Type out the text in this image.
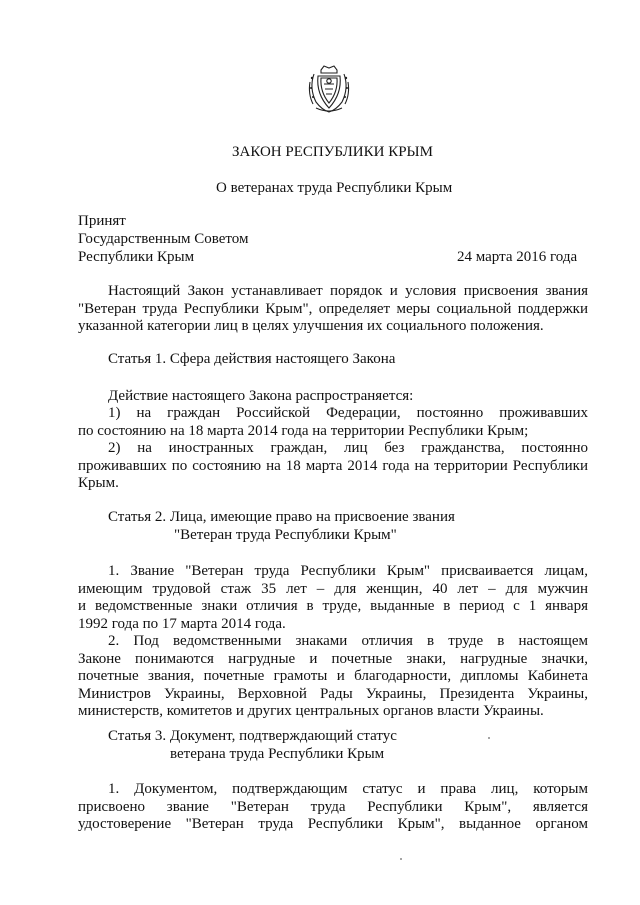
ЗАКОН РЕСПУБЛИКИ КРЫМ

О ветеранах труда Республики Крым

Принят

Государственным Советом

Республики Крым	24 марта 2016 года

Настоящий Закон устанавливает порядок и условия присвоения звания
"Ветеран труда Республики Крым", определяет меры социальной поддержки
указанной категории лиц в целях улучшения их социального положения.

Статья 1. Сфера действия настоящего Закона

Действие настоящего Закона распространяется:

1) на граждан Российской Федерации, постоянно проживавших
по состоянию на 18 марта 2014 года на территории Республики Крым;
2) на иностранных граждан, лиц без гражданства, постоянно
проживавших по состоянию на 18 марта 2014 года на территории Республики
Крым.

Статья 2. Лица, имеющие право на присвоение звания

"Ветеран труда Республики Крым"

1. Звание "Ветеран труда Республики Крым" присваивается лицам,
имеющим трудовой стаж 35 лет – для женщин, 40 лет – для мужчин
и ведомственные знаки отличия в труде, выданные в период с 1 января
1992 года по 17 марта 2014 года.
2. Под ведомственными знаками отличия в труде в настоящем
Законе понимаются нагрудные и почетные знаки, нагрудные значки,
почетные звания, почетные грамоты и благодарности, дипломы Кабинета
Министров Украины, Верховной Рады Украины, Президента Украины,
министерств, комитетов и других центральных органов власти Украины.

Статья 3. Документ, подтверждающий статус

ветерана труда Республики Крым

1. Документом, подтверждающим статус и права лиц, которым
присвоено звание "Ветеран труда Республики Крым", является
удостоверение "Ветеран труда Республики Крым", выданное органом
